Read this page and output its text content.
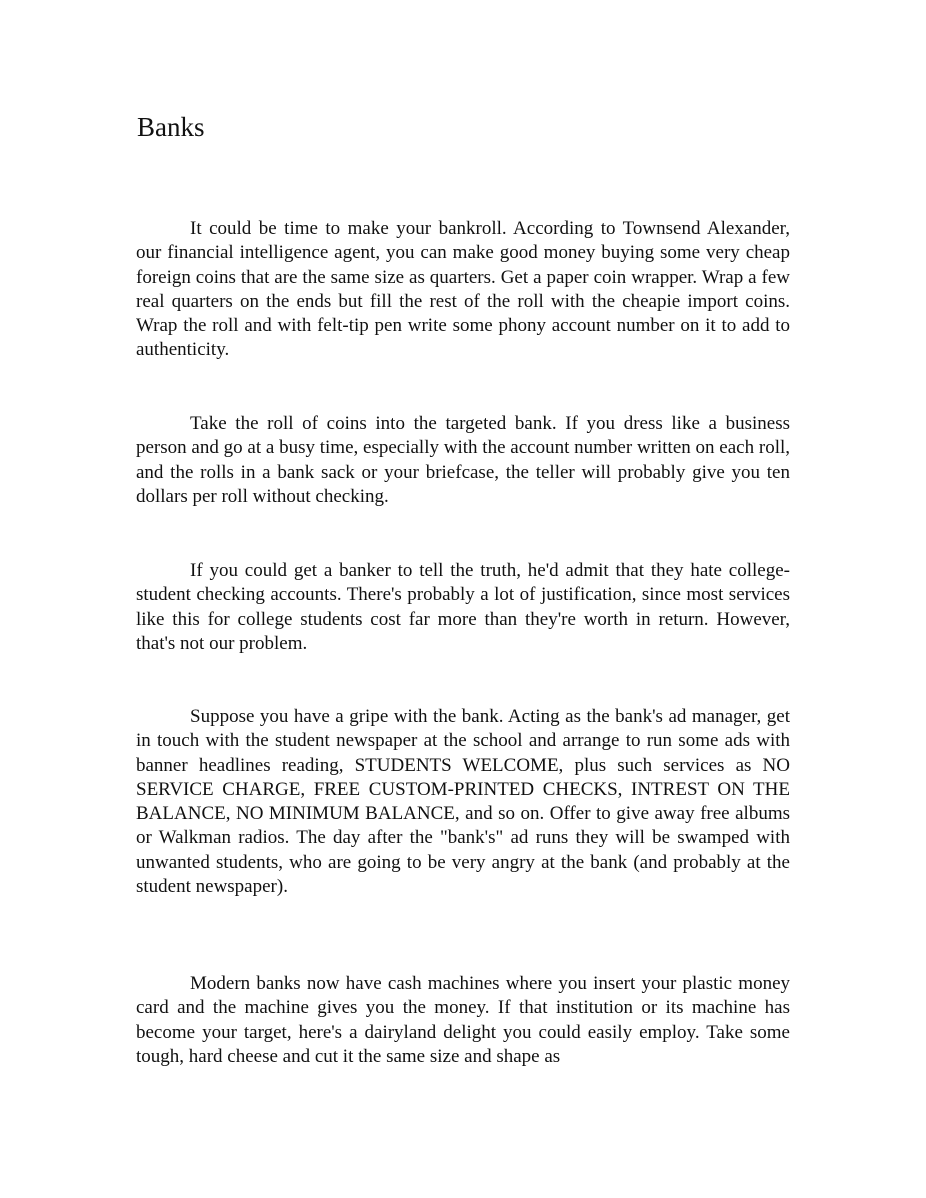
Banks

It could be time to make your bankroll. According to Townsend Alexander, our financial intelligence agent, you can make good money buying some very cheap foreign coins that are the same size as quarters. Get a paper coin wrapper. Wrap a few real quarters on the ends but fill the rest of the roll with the cheapie import coins. Wrap the roll and with felt-tip pen write some phony account number on it to add to authenticity.

Take the roll of coins into the targeted bank. If you dress like a business person and go at a busy time, especially with the account number written on each roll, and the rolls in a bank sack or your briefcase, the teller will probably give you ten dollars per roll without checking.

If you could get a banker to tell the truth, he'd admit that they hate college-student checking accounts. There's probably a lot of justification, since most services like this for college students cost far more than they're worth in return. However, that's not our problem.

Suppose you have a gripe with the bank. Acting as the bank's ad manager, get in touch with the student newspaper at the school and arrange to run some ads with banner headlines reading, STUDENTS WELCOME, plus such services as NO SERVICE CHARGE, FREE CUSTOM-PRINTED CHECKS, INTREST ON THE BALANCE, NO MINIMUM BALANCE, and so on. Offer to give away free albums or Walkman radios. The day after the "bank's" ad runs they will be swamped with unwanted students, who are going to be very angry at the bank (and probably at the student newspaper).

Modern banks now have cash machines where you insert your plastic money card and the machine gives you the money. If that institution or its machine has become your target, here's a dairyland delight you could easily employ. Take some tough, hard cheese and cut it the same size and shape as
